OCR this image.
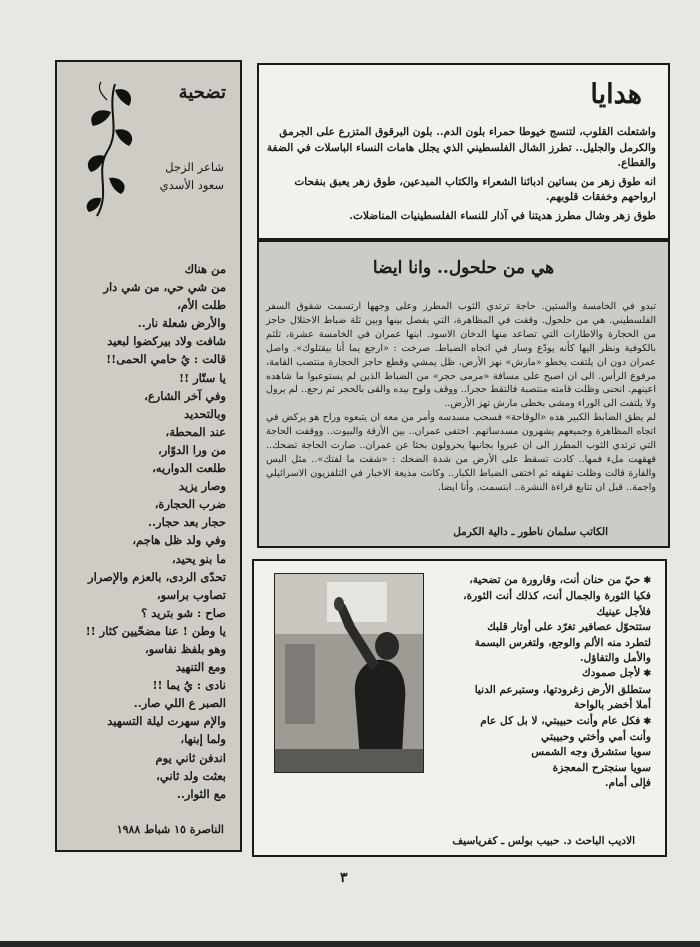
تضحية
شاعر الزجل
سعود الأسدي
من هناك
من شي حي، من شي دار
طلت الأم،
والأرض شعلة نار..
شافت ولاد بيركضوا لبعيد
قالت : يُ حامي الحمى!!
يا ستّار !!
وفي آخر الشارع،
وبالتحديد
عند المحطة،
من ورا الدوّار،
طلعت الدواريه،
وصار يزيد
ضرب الحجارة،
حجار بعد حجار..
وفي ولد ظل هاجم،
ما بنو يحيد،
تحدّى الردى، بالعزم والإصرار
تصاوب براسو،
صاح : شو بتريد ؟
يا وطن ! عنا مضحّيين كثار !!
وهو بلفظ نفاسو،
ومع التنهيد
نادى : يُ يما !!
الصبر ع اللي صار..
والإم سهرت ليلة التسهيد
ولما إبنها،
اندفن ثاني يوم
بعثت ولد ثاني،
مع الثوار..
الناصرة ١٥ شباط ١٩٨٨
هدايا

واشتعلت القلوب، لتنسج خيوطا حمراء بلون الدم.. بلون البرقوق المتزرع على الجرمق والكرمل والجليل.. تطرز الشال الفلسطيني الذي يجلل هامات النساء الباسلات في الضفة والقطاع.

انه طوق زهر من بساتين ادبائنا الشعراء والكتاب المبدعين، طوق زهر يعبق بنفحات ارواحهم وخفقات قلوبهم.

طوق زهر وشال مطرز هديتنا في آذار للنساء الفلسطينيات المناضلات.

هي من حلحول.. وانا ايضا

تبدو في الخامسة والستين. حاجة ترتدي الثوب المطرز وعلى وجهها ارتسمت شقوق السفر الفلسطيني. هي من حلحول. وقفت في المظاهرة، التي يفصل بينها وبين ثلة ضباط الاحتلال حاجز من الحجارة والاطارات التي تصاعد منها الدخان الاسود. ابنها عمران في الخامسة عشرة، تلثم بالكوفية ونظر اليها كأنه يودّع وسار في اتجاه الضباط. صرخت : «ارجع يما أنا بيقتلوك». واصل عمران دون ان يلتفت يخطو «مارش» نهز الأرض، ظل يمشي وقطع حاجز الحجارة منتصب القامة، مرفوع الرأس. الى ان اصبح على مسافة «مرمى حجر» من الضباط الذين لم يستوعبوا ما شاهده اعينهم. انحنى وظلت قامته منتصبة فالتقط حجرا.. ووقف ولوح بيده والقى بالحجر ثم رجع.. لم يرول ولا يلتفت الى الوراء ومشى بخطى مارش تهز الأرض..

لم يطق الضابط الكبير هذه «الوقاحة» فسحب مسدسه وأمر من معه ان يتبعوه وراح هو يركض في اتجاه المظاهرة وجميعهم يشهرون مسدساتهم. اختفى عمران.. بين الأزقة والبيوت.. ووقفت الحاجة التي ترتدي الثوب المطرز الى ان عبروا بجانبها يحرولون بحثا عن عمران.. صارت الحاجة تضحك.. قهقهت ملء فمها.. كادت تسقط على الأرض من شدة الضحك : «شفت ما لفتك».. مثل البس والفارة قالت وظلت تقهقه ثم اختفى الضباط الكبار.. وكانت مذيعة الاخبار في التلفزيون الاسرائيلي واجمة.. قبل ان تتابع قراءة النشرة.. ابتسمت. وأنا ايضا.

الكاتب سلمان ناطور ـ دالية الكرمل
✱ حيّ من حنان أنت، وقارورة من تضحية،
فكيا الثورة والجمال أنت، كذلك أنت الثورة،
فلأجل عينيك
ستتحوّل عصافير تغرّد على أوتار قلبك
لتطرد منه الألم والوجع، ولتغرس البسمة
والأمل والتفاؤل.
✱ لأجل صمودك
ستطلق الأرض زغرودتها، وستبرعم الدنيا
أملا أخضر بالواحة
✱ فكل عام وأنت حبيبتي، لا بل كل عام
وأنت أمي وأختي وحبيبتي
سويا ستشرق وجه الشمس
سويا سنجترح المعجزة
فإلى أمام.
الاديب الباحث د. حبيب بولس ـ كفرياسيف
٣
